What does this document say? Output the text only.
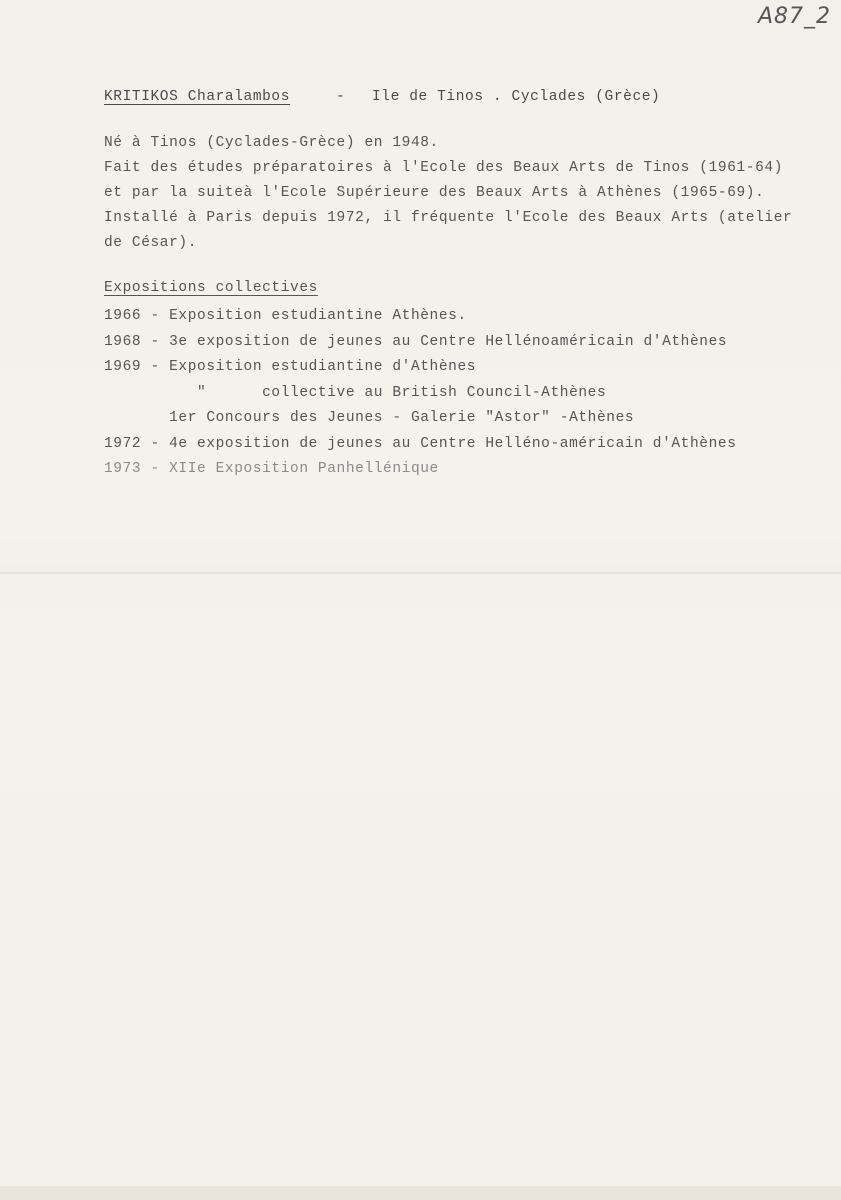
A87_2
KRITIKOS Charalambos	- Ile de Tinos . Cyclades (Grèce)
Né à Tinos (Cyclades-Grèce) en 1948.
Fait des études préparatoires à l'Ecole des Beaux Arts de Tinos (1961-64)
et par la suiteà l'Ecole Supérieure des Beaux Arts à Athènes (1965-69).
Installé à Paris depuis 1972, il fréquente l'Ecole des Beaux Arts (atelier
de César).
Expositions collectives
1966 - Exposition estudiantine Athènes.
1968 - 3e exposition de jeunes au Centre Hellénoaméricain d'Athènes
1969 - Exposition estudiantine d'Athènes
"      collective au British Council-Athènes
1er Concours des Jeunes - Galerie "Astor" -Athènes
1972 - 4e exposition de jeunes au Centre Helléno-américain d'Athènes
1973 - XIIe Exposition Panhellénique
